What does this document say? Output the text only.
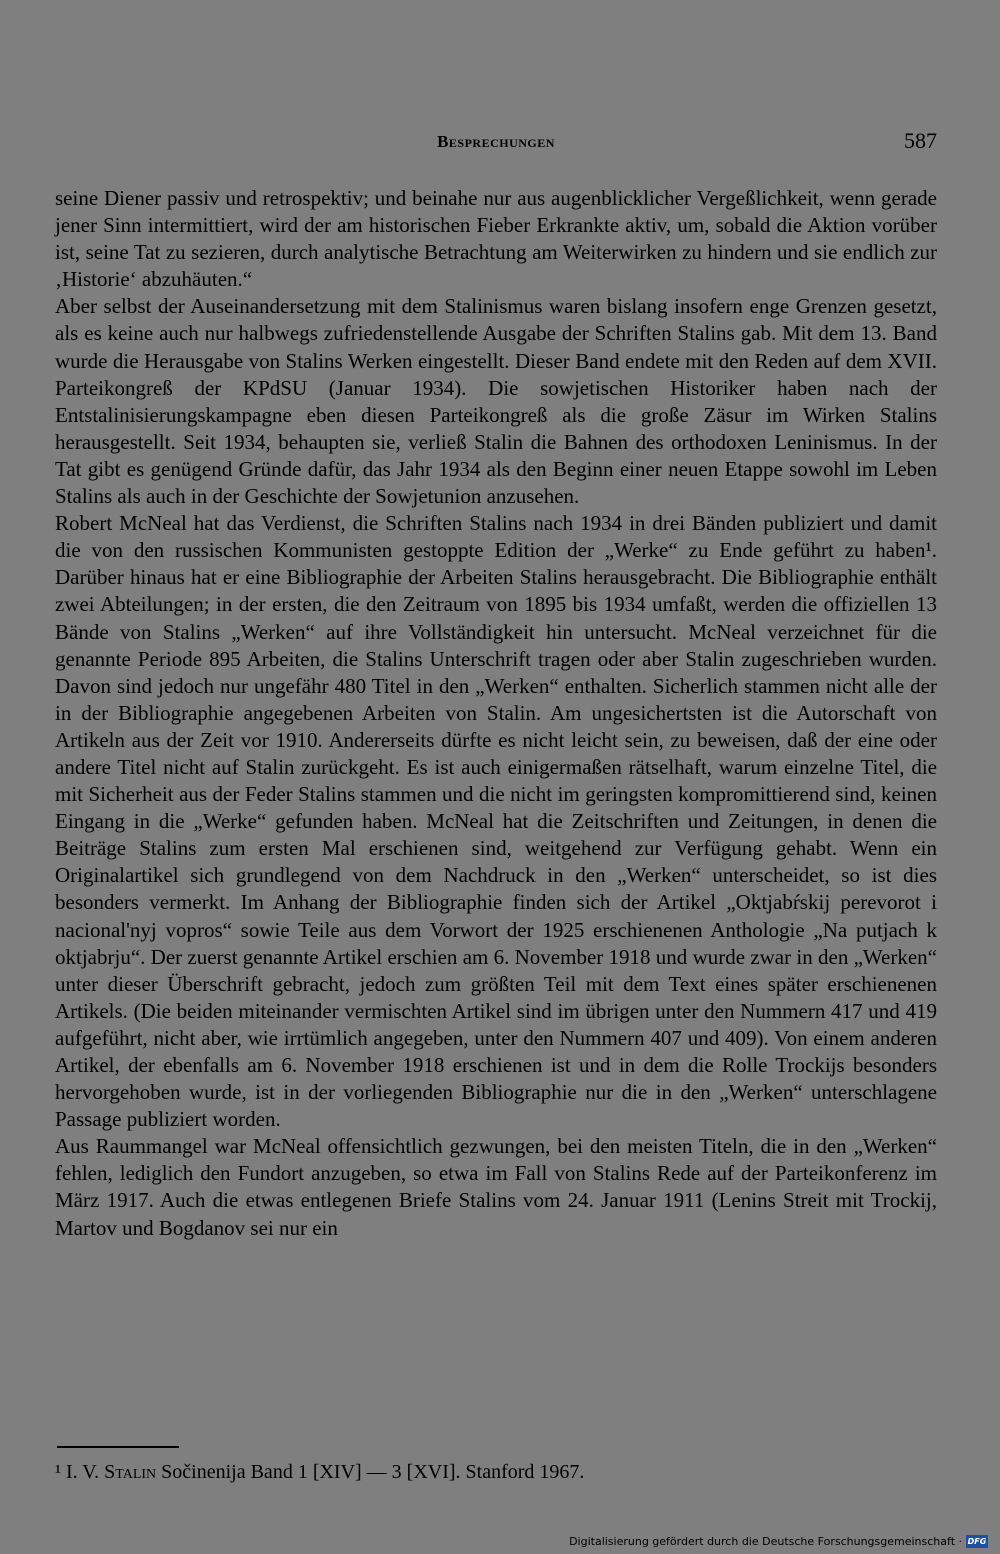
Besprechungen	587

seine Diener passiv und retrospektiv; und beinahe nur aus augenblicklicher Vergeßlichkeit, wenn gerade jener Sinn intermittiert, wird der am historischen Fieber Erkrankte aktiv, um, sobald die Aktion vorüber ist, seine Tat zu sezieren, durch analytische Betrachtung am Weiterwirken zu hindern und sie endlich zur ‚Historie‘ abzuhäuten.“

Aber selbst der Auseinandersetzung mit dem Stalinismus waren bislang insofern enge Grenzen gesetzt, als es keine auch nur halbwegs zufriedenstellende Ausgabe der Schriften Stalins gab. Mit dem 13. Band wurde die Herausgabe von Stalins Werken eingestellt. Dieser Band endete mit den Reden auf dem XVII. Parteikongreß der KPdSU (Januar 1934). Die sowjetischen Historiker haben nach der Entstalinisierungskampagne eben diesen Parteikongreß als die große Zäsur im Wirken Stalins herausgestellt. Seit 1934, behaupten sie, verließ Stalin die Bahnen des orthodoxen Leninismus. In der Tat gibt es genügend Gründe dafür, das Jahr 1934 als den Beginn einer neuen Etappe sowohl im Leben Stalins als auch in der Geschichte der Sowjetunion anzusehen.

Robert McNeal hat das Verdienst, die Schriften Stalins nach 1934 in drei Bänden publiziert und damit die von den russischen Kommunisten gestoppte Edition der „Werke“ zu Ende geführt zu haben¹. Darüber hinaus hat er eine Bibliographie der Arbeiten Stalins herausgebracht. Die Bibliographie enthält zwei Abteilungen; in der ersten, die den Zeitraum von 1895 bis 1934 umfaßt, werden die offiziellen 13 Bände von Stalins „Werken“ auf ihre Vollständigkeit hin untersucht. McNeal verzeichnet für die genannte Periode 895 Arbeiten, die Stalins Unterschrift tragen oder aber Stalin zugeschrieben wurden. Davon sind jedoch nur ungefähr 480 Titel in den „Werken“ enthalten. Sicherlich stammen nicht alle der in der Bibliographie angegebenen Arbeiten von Stalin. Am ungesichertsten ist die Autorschaft von Artikeln aus der Zeit vor 1910. Andererseits dürfte es nicht leicht sein, zu beweisen, daß der eine oder andere Titel nicht auf Stalin zurückgeht. Es ist auch einigermaßen rätselhaft, warum einzelne Titel, die mit Sicherheit aus der Feder Stalins stammen und die nicht im geringsten kompromittierend sind, keinen Eingang in die „Werke“ gefunden haben. McNeal hat die Zeitschriften und Zeitungen, in denen die Beiträge Stalins zum ersten Mal erschienen sind, weitgehend zur Verfügung gehabt. Wenn ein Originalartikel sich grundlegend von dem Nachdruck in den „Werken“ unterscheidet, so ist dies besonders vermerkt. Im Anhang der Bibliographie finden sich der Artikel „Oktjabŕskij perevorot i nacional'nyj vopros“ sowie Teile aus dem Vorwort der 1925 erschienenen Anthologie „Na putjach k oktjabrju“. Der zuerst genannte Artikel erschien am 6. November 1918 und wurde zwar in den „Werken“ unter dieser Überschrift gebracht, jedoch zum größten Teil mit dem Text eines später erschienenen Artikels. (Die beiden miteinander vermischten Artikel sind im übrigen unter den Nummern 417 und 419 aufgeführt, nicht aber, wie irrtümlich angegeben, unter den Nummern 407 und 409). Von einem anderen Artikel, der ebenfalls am 6. November 1918 erschienen ist und in dem die Rolle Trockijs besonders hervorgehoben wurde, ist in der vorliegenden Bibliographie nur die in den „Werken“ unterschlagene Passage publiziert worden.

Aus Raummangel war McNeal offensichtlich gezwungen, bei den meisten Titeln, die in den „Werken“ fehlen, lediglich den Fundort anzugeben, so etwa im Fall von Stalins Rede auf der Parteikonferenz im März 1917. Auch die etwas entlegenen Briefe Stalins vom 24. Januar 1911 (Lenins Streit mit Trockij, Martov und Bogdanov sei nur ein

¹ I. V. Stalin Sočinenija Band 1 [XIV] — 3 [XVI]. Stanford 1967.
Digitalisierung gefördert durch die Deutsche Forschungsgemeinschaft · DFG
